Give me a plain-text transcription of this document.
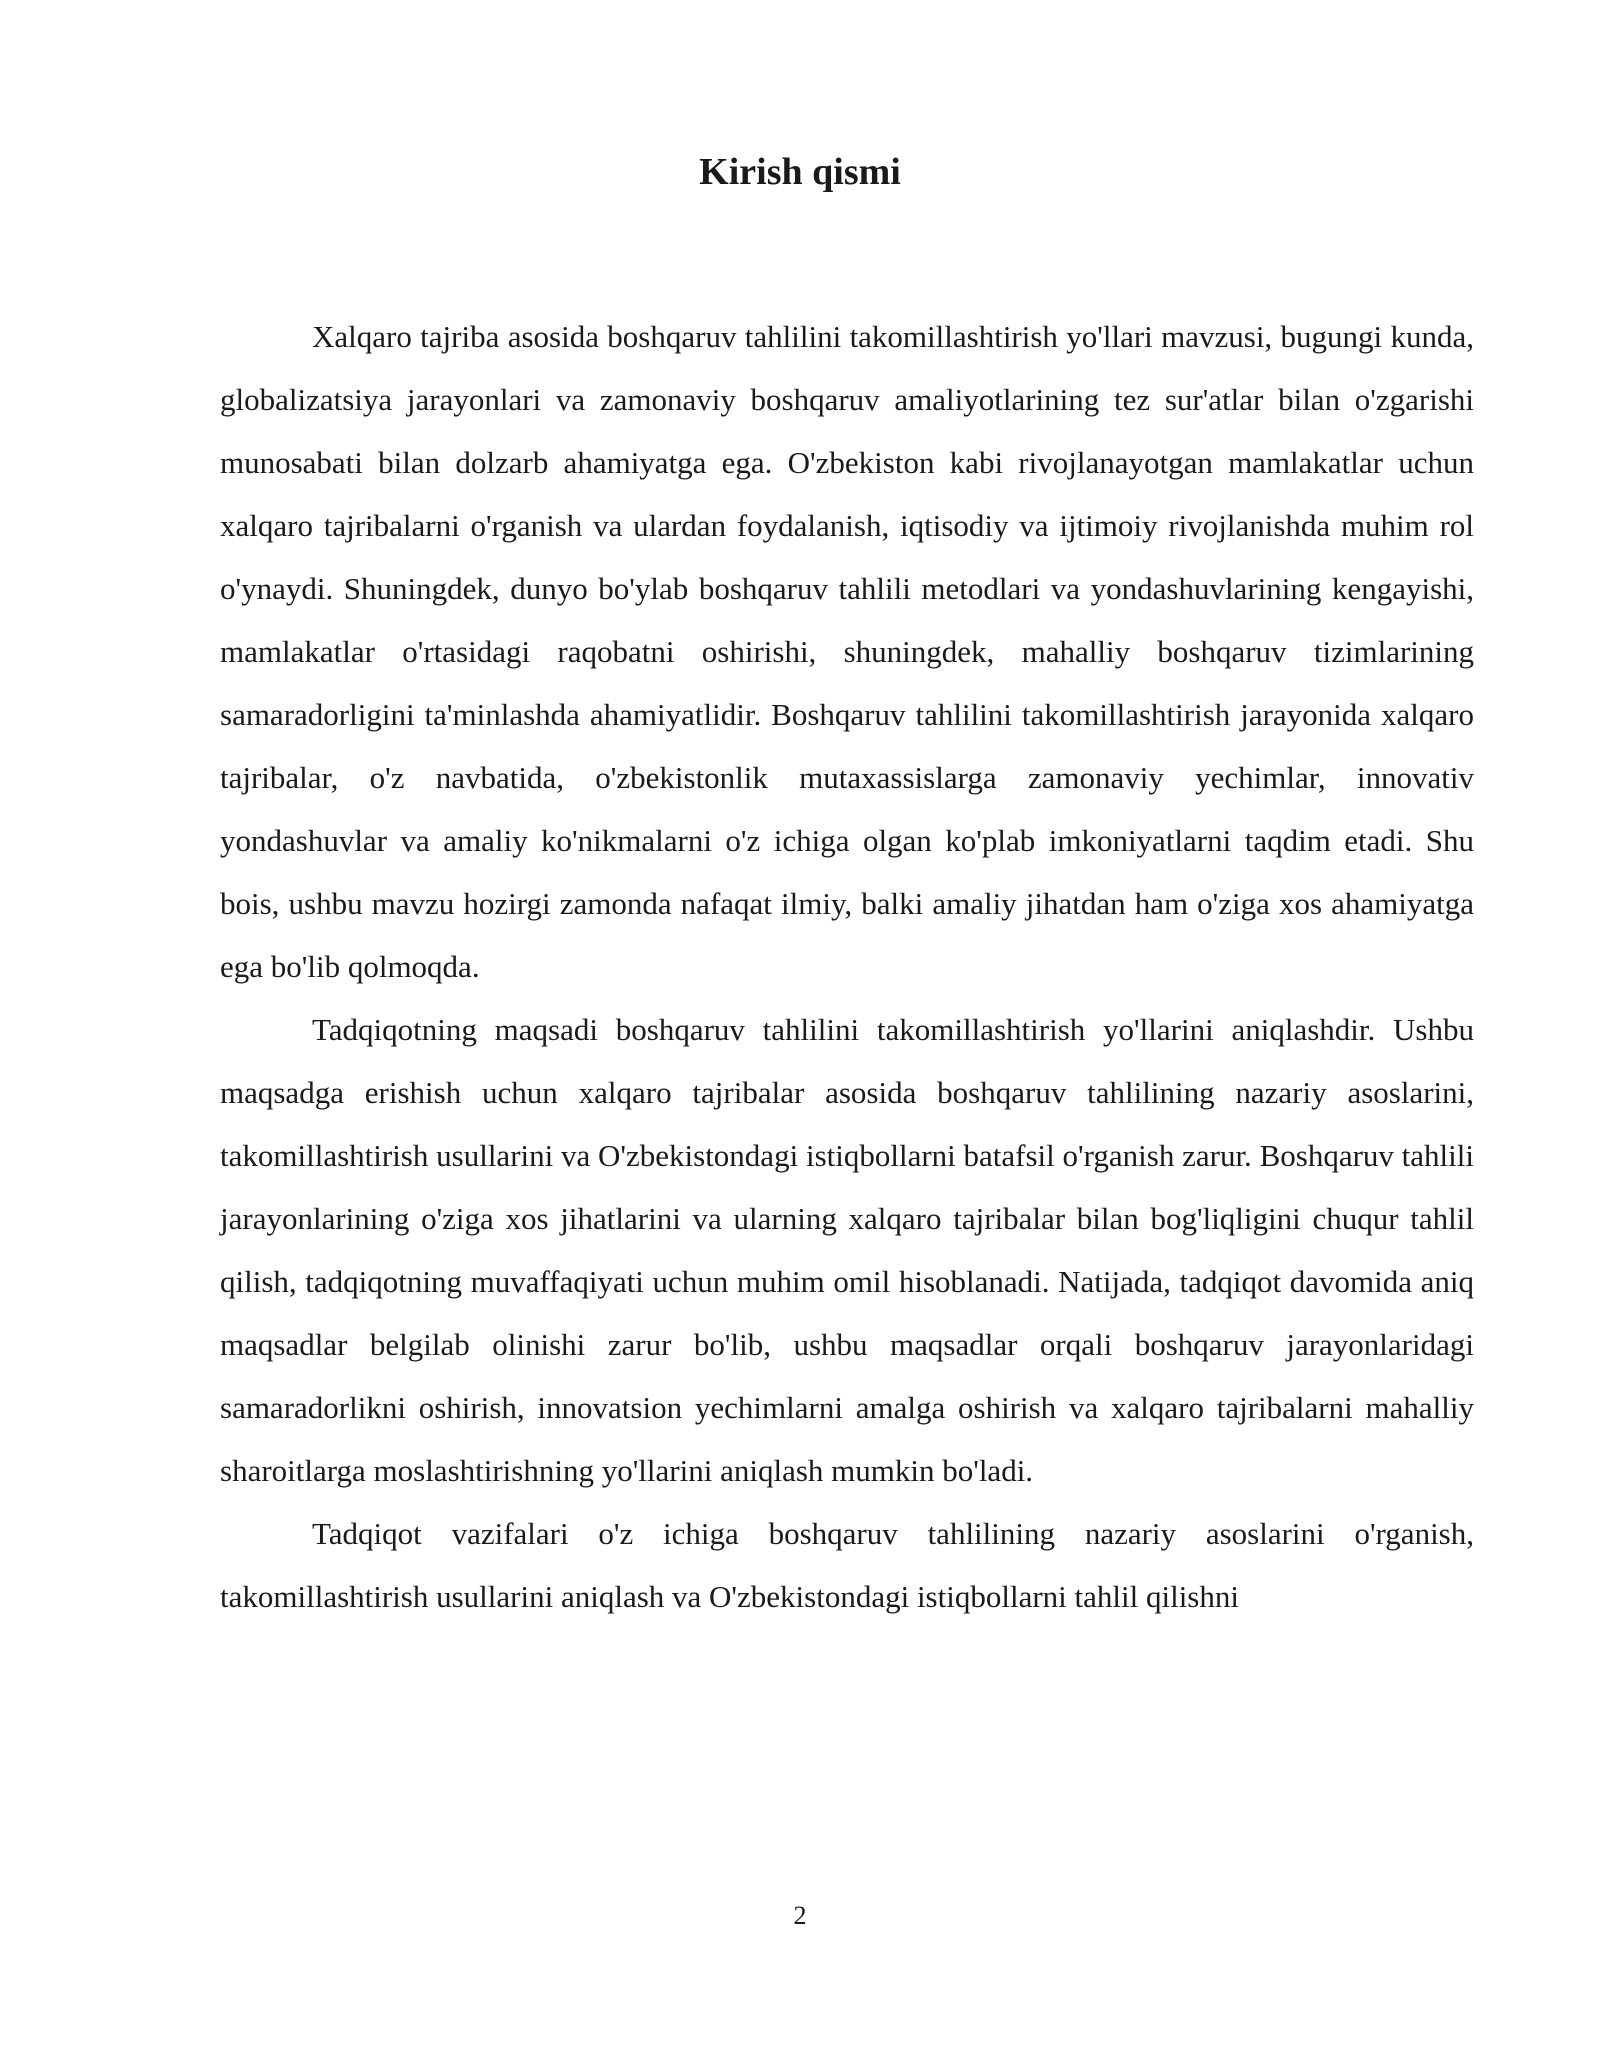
Kirish qismi

Xalqaro tajriba asosida boshqaruv tahlilini takomillashtirish yo'llari mavzusi, bugungi kunda, globalizatsiya jarayonlari va zamonaviy boshqaruv amaliyotlarining tez sur'atlar bilan o'zgarishi munosabati bilan dolzarb ahamiyatga ega. O'zbekiston kabi rivojlanayotgan mamlakatlar uchun xalqaro tajribalarni o'rganish va ulardan foydalanish, iqtisodiy va ijtimoiy rivojlanishda muhim rol o'ynaydi. Shuningdek, dunyo bo'ylab boshqaruv tahlili metodlari va yondashuvlarining kengayishi, mamlakatlar o'rtasidagi raqobatni oshirishi, shuningdek, mahalliy boshqaruv tizimlarining samaradorligini ta'minlashda ahamiyatlidir. Boshqaruv tahlilini takomillashtirish jarayonida xalqaro tajribalar, o'z navbatida, o'zbekistonlik mutaxassislarga zamonaviy yechimlar, innovativ yondashuvlar va amaliy ko'nikmalarni o'z ichiga olgan ko'plab imkoniyatlarni taqdim etadi. Shu bois, ushbu mavzu hozirgi zamonda nafaqat ilmiy, balki amaliy jihatdan ham o'ziga xos ahamiyatga ega bo'lib qolmoqda.

Tadqiqotning maqsadi boshqaruv tahlilini takomillashtirish yo'llarini aniqlashdir. Ushbu maqsadga erishish uchun xalqaro tajribalar asosida boshqaruv tahlilining nazariy asoslarini, takomillashtirish usullarini va O'zbekistondagi istiqbollarni batafsil o'rganish zarur. Boshqaruv tahlili jarayonlarining o'ziga xos jihatlarini va ularning xalqaro tajribalar bilan bog'liqligini chuqur tahlil qilish, tadqiqotning muvaffaqiyati uchun muhim omil hisoblanadi. Natijada, tadqiqot davomida aniq maqsadlar belgilab olinishi zarur bo'lib, ushbu maqsadlar orqali boshqaruv jarayonlaridagi samaradorlikni oshirish, innovatsion yechimlarni amalga oshirish va xalqaro tajribalarni mahalliy sharoitlarga moslashtirishning yo'llarini aniqlash mumkin bo'ladi.

Tadqiqot vazifalari o'z ichiga boshqaruv tahlilining nazariy asoslarini o'rganish, takomillashtirish usullarini aniqlash va O'zbekistondagi istiqbollarni tahlil qilishni

2
